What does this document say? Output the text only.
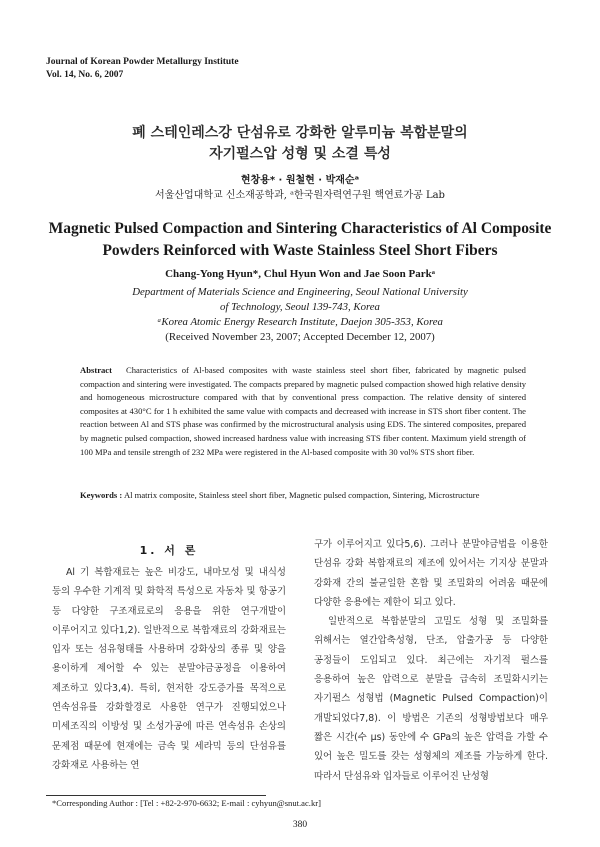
Journal of Korean Powder Metallurgy Institute
Vol. 14, No. 6, 2007
폐 스테인레스강 단섬유로 강화한 알루미늄 복합분말의
자기펄스압 성형 및 소결 특성
현창용* · 원철현 · 박재순ᵃ
서울산업대학교 신소재공학과, ᵃ한국원자력연구원 핵연료가공 Lab
Magnetic Pulsed Compaction and Sintering Characteristics of Al Composite
Powders Reinforced with Waste Stainless Steel Short Fibers
Chang-Yong Hyun*, Chul Hyun Won and Jae Soon Parkᵃ
Department of Materials Science and Engineering, Seoul National University
of Technology, Seoul 139-743, Korea
ᵃKorea Atomic Energy Research Institute, Daejon 305-353, Korea
(Received November 23, 2007; Accepted December 12, 2007)
Abstract Characteristics of Al-based composites with waste stainless steel short fiber, fabricated by magnetic pulsed compaction and sintering were investigated. The compacts prepared by magnetic pulsed compaction showed high relative density and homogeneous microstructure compared with that by conventional press compaction. The relative density of sintered composites at 430°C for 1 h exhibited the same value with compacts and decreased with increase in STS short fiber content. The reaction between Al and STS phase was confirmed by the microstructural analysis using EDS. The sintered composites, prepared by magnetic pulsed compaction, showed increased hardness value with increasing STS fiber content. Maximum yield strength of 100 MPa and tensile strength of 232 MPa were registered in the Al-based composite with 30 vol% STS short fiber.
Keywords : Al matrix composite, Stainless steel short fiber, Magnetic pulsed compaction, Sintering, Microstructure
1. 서 론

Al 기 복합재료는 높은 비강도, 내마모성 및 내식성 등의 우수한 기계적 및 화학적 특성으로 자동차 및 항공기 등 다양한 구조재료로의 응용을 위한 연구개발이 이루어지고 있다1,2). 일반적으로 복합재료의 강화재료는 입자 또는 섬유형태를 사용하며 강화상의 종류 및 양을 용이하게 제어할 수 있는 분말야금공정을 이용하여 제조하고 있다3,4). 특히, 현저한 강도증가를 목적으로 연속섬유를 강화할경로 사용한 연구가 진행되었으나 미세조직의 이방성 및 소성가공에 따른 연속섬유 손상의 문제점 때문에 현재에는 금속 및 세라믹 등의 단섬유를 강화재로 사용하는 연

구가 이루어지고 있다5,6). 그러나 분말야금법을 이용한 단섬유 강화 복합재료의 제조에 있어서는 기지상 분말과 강화재 간의 불균일한 혼합 및 조밀화의 어려움 때문에 다양한 응용에는 제한이 되고 있다.

일반적으로 복합분말의 고밀도 성형 및 조밀화를 위해서는 열간압축성형, 단조, 압출가공 등 다양한 공정들이 도입되고 있다. 최근에는 자기적 펄스를 응용하여 높은 압력으로 분말을 급속히 조밀화시키는 자기펄스 성형법 (Magnetic Pulsed Compaction)이 개발되었다7,8). 이 방법은 기존의 성형방법보다 매우 짧은 시간(수 μs) 동안에 수 GPa의 높은 압력을 가할 수 있어 높은 밀도를 갖는 성형체의 제조를 가능하게 한다. 따라서 단섬유와 입자들로 이루어진 난성형

*Corresponding Author : [Tel : +82-2-970-6632; E-mail : cyhyun@snut.ac.kr]
380
